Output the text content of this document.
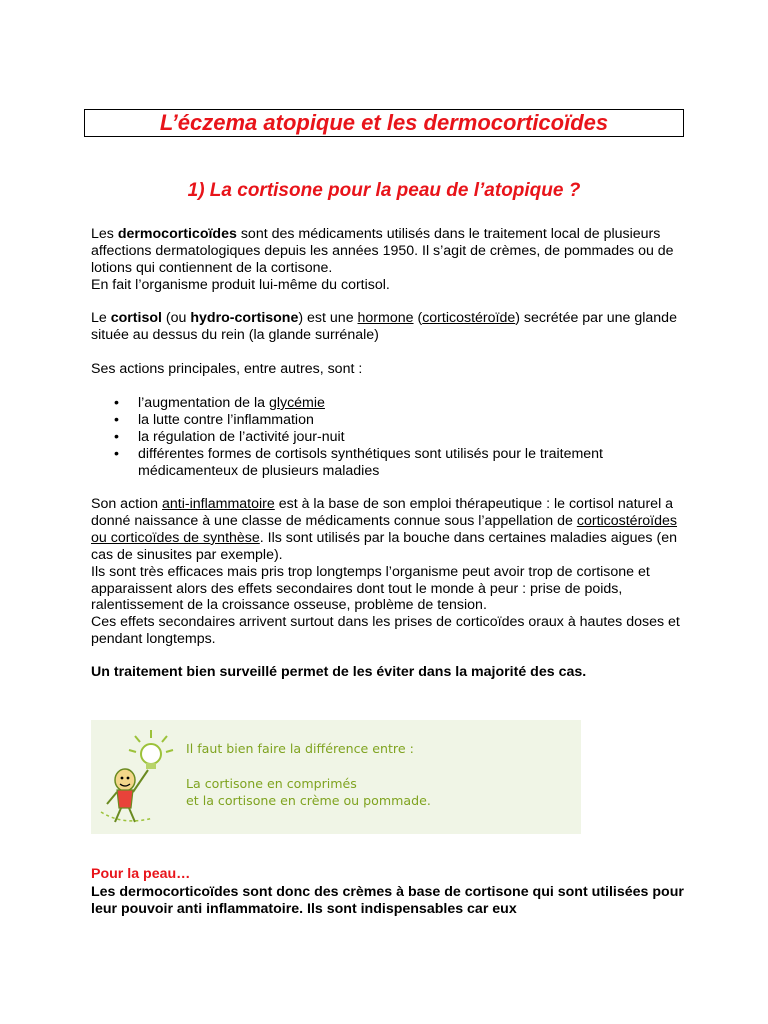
L’éczema atopique et les dermocorticoïdes
1) La cortisone pour la peau de l’atopique ?
Les dermocorticoïdes sont des médicaments utilisés dans le traitement local de plusieurs affections dermatologiques depuis les années 1950. Il s’agit de crèmes, de pommades ou de lotions qui contiennent de la cortisone.
En fait l’organisme produit lui-même du cortisol.
Le cortisol (ou hydro-cortisone) est une hormone (corticostéroïde) secrétée par une glande située au dessus du rein (la glande surrénale)
Ses actions principales, entre autres, sont :
• l’augmentation de la glycémie
• la lutte contre l’inflammation
• la régulation de l’activité jour-nuit
• différentes formes de cortisols synthétiques sont utilisés pour le traitement médicamenteux de plusieurs maladies
Son action anti-inflammatoire est à la base de son emploi thérapeutique : le cortisol naturel a donné naissance à une classe de médicaments connue sous l’appellation de corticostéroïdes ou corticoïdes de synthèse. Ils sont utilisés par la bouche dans certaines maladies aigues (en cas de sinusites par exemple).
Ils sont très efficaces mais pris trop longtemps l’organisme peut avoir trop de cortisone et apparaissent alors des effets secondaires dont tout le monde à peur : prise de poids, ralentissement de la croissance osseuse, problème de tension.
Ces effets secondaires arrivent surtout dans les prises de corticoïdes oraux à hautes doses et pendant longtemps.
Un traitement bien surveillé permet de les éviter dans la majorité des cas.
Il faut bien faire la différence entre :
La cortisone en comprimés
et la cortisone en crème ou pommade.
Pour la peau…
Les dermocorticoïdes sont donc des crèmes à base de cortisone qui sont utilisées pour leur pouvoir anti inflammatoire. Ils sont indispensables car eux
